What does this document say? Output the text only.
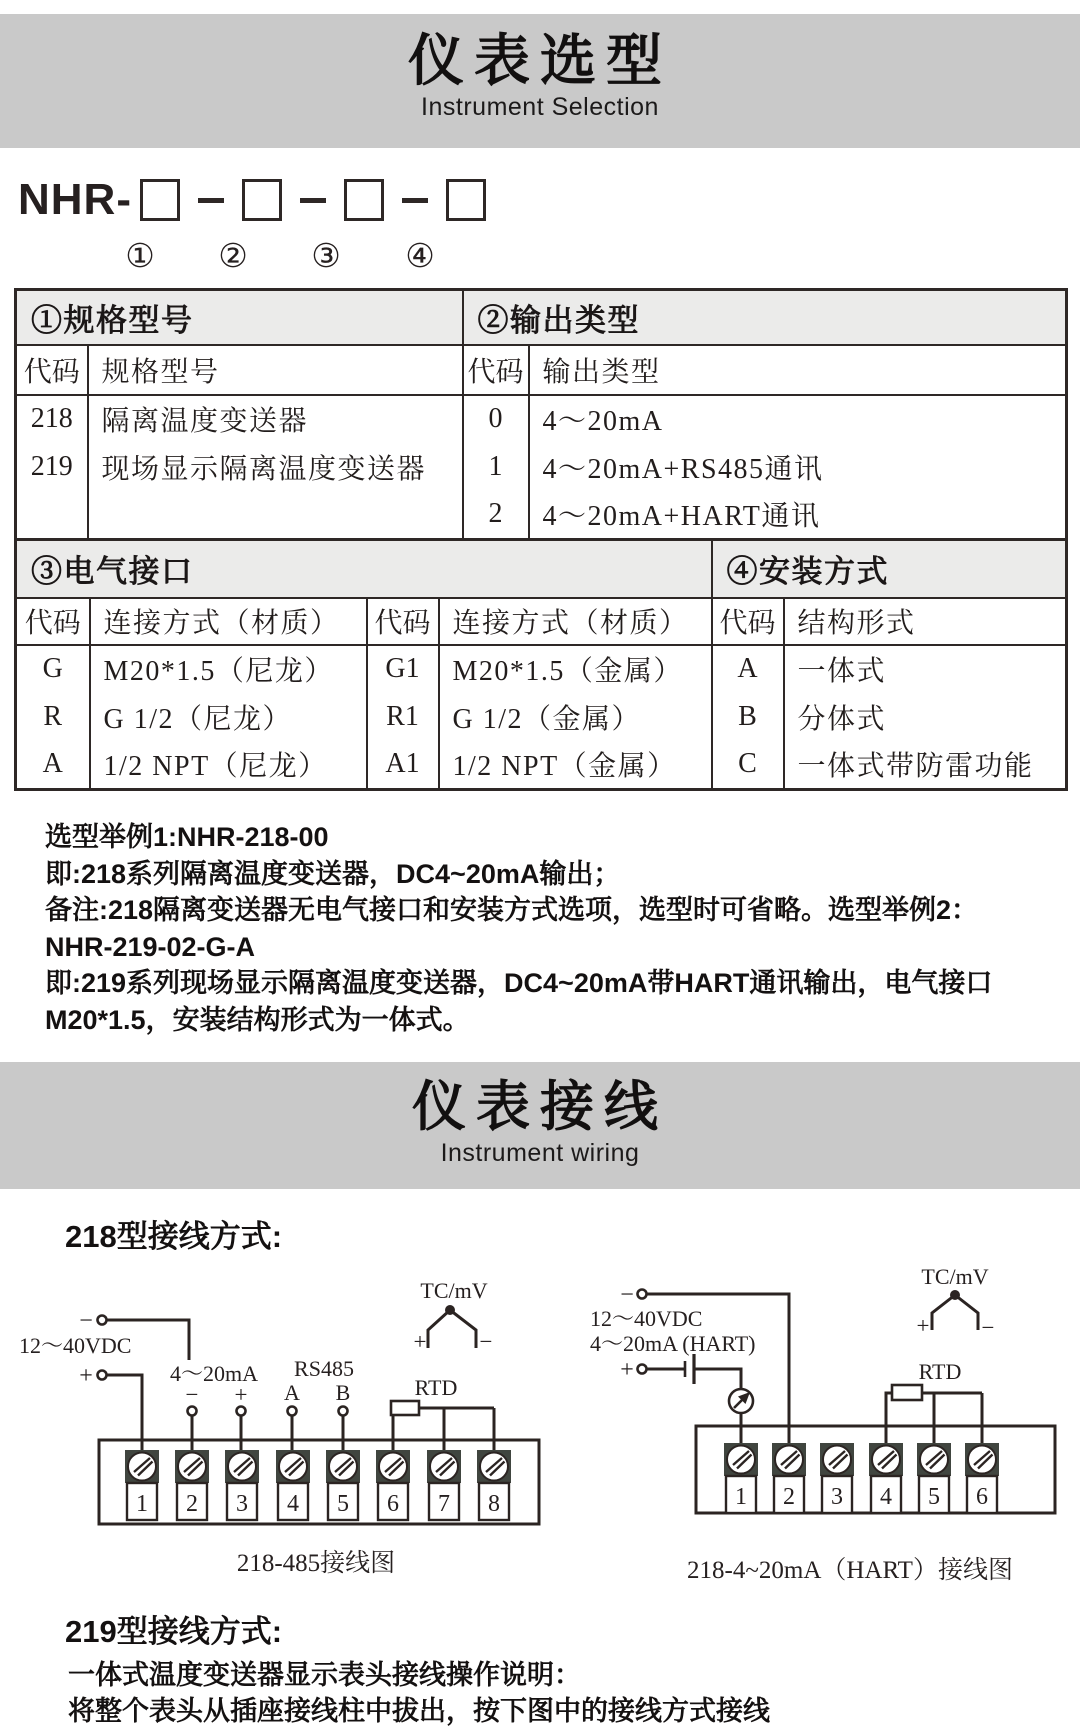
仪表选型
Instrument Selection
NHR-
① ② ③ ④
①规格型号		②输出类型	
代码	规格型号	代码	输出类型
218	隔离温度变送器	0	4～20mA
219	现场显示隔离温度变送器	1	4～20mA+RS485通讯
		2	4～20mA+HART通讯
③电气接口				④安装方式	
代码	连接方式（材质）	代码	连接方式（材质）	代码	结构形式
G	M20*1.5（尼龙）	G1	M20*1.5（金属）	A	一体式
R	G 1/2（尼龙）	R1	G 1/2（金属）	B	分体式
A	1/2 NPT（尼龙）	A1	1/2 NPT（金属）	C	一体式带防雷功能
选型举例1:NHR-218-00
即:218系列隔离温度变送器，DC4~20mA输出；
备注:218隔离变送器无电气接口和安装方式选项，选型时可省略。选型举例2：
NHR-219-02-G-A
即:219系列现场显示隔离温度变送器，DC4~20mA带HART通讯输出，电气接口
M20*1.5，安装结构形式为一体式。
仪表接线
Instrument wiring
218型接线方式:
1 2 3 4 5 6 7 8
TC/mV
+ −
12～40VDC
−
+	4～20mA
− +
RS485
A B	RTD
218-485接线图
1 2 3 4 5 6
TC/mV
+ −
−
12～40VDC
4～20mA (HART)
+	RTD
218-4~20mA（HART）接线图
219型接线方式:
一体式温度变送器显示表头接线操作说明：
将整个表头从插座接线柱中拔出，按下图中的接线方式接线
